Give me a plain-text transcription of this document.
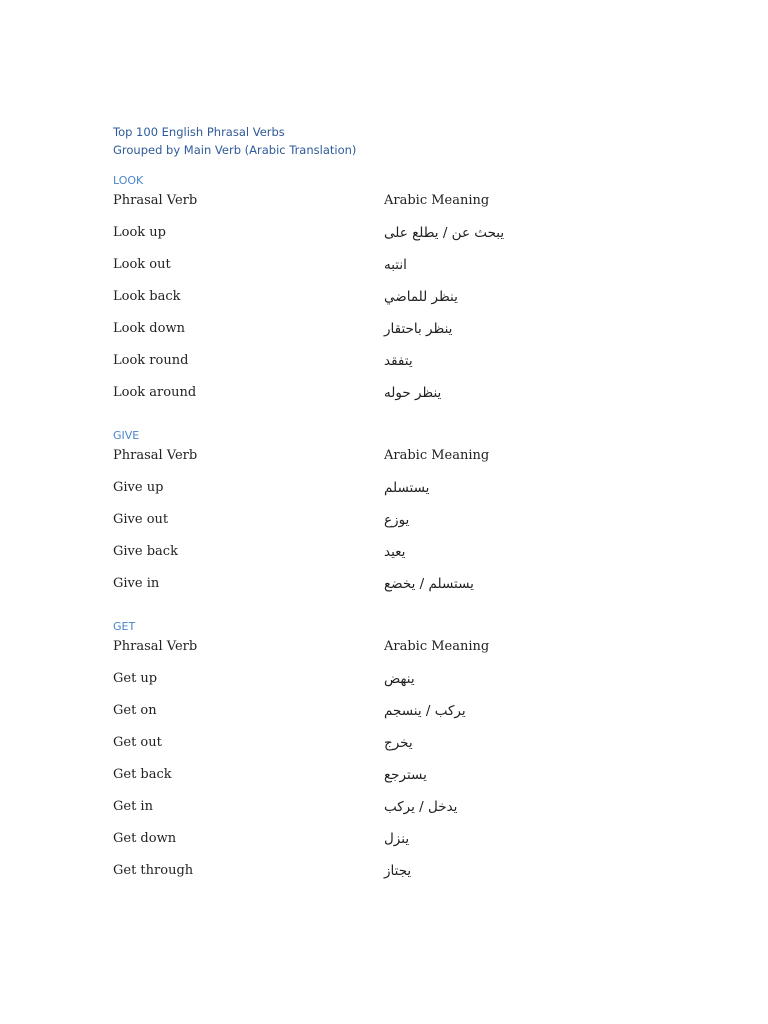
Top 100 English Phrasal Verbs
Grouped by Main Verb (Arabic Translation)
LOOK
Phrasal Verb	Arabic Meaning
Look up	يبحث عن / يطلع على
Look out	انتبه
Look back	ينظر للماضي
Look down	ينظر باحتقار
Look round	يتفقد
Look around	ينظر حوله
GIVE
Phrasal Verb	Arabic Meaning
Give up	يستسلم
Give out	يوزع
Give back	يعيد
Give in	يستسلم / يخضع
GET
Phrasal Verb	Arabic Meaning
Get up	ينهض
Get on	يركب / ينسجم
Get out	يخرج
Get back	يسترجع
Get in	يدخل / يركب
Get down	ينزل
Get through	يجتاز
